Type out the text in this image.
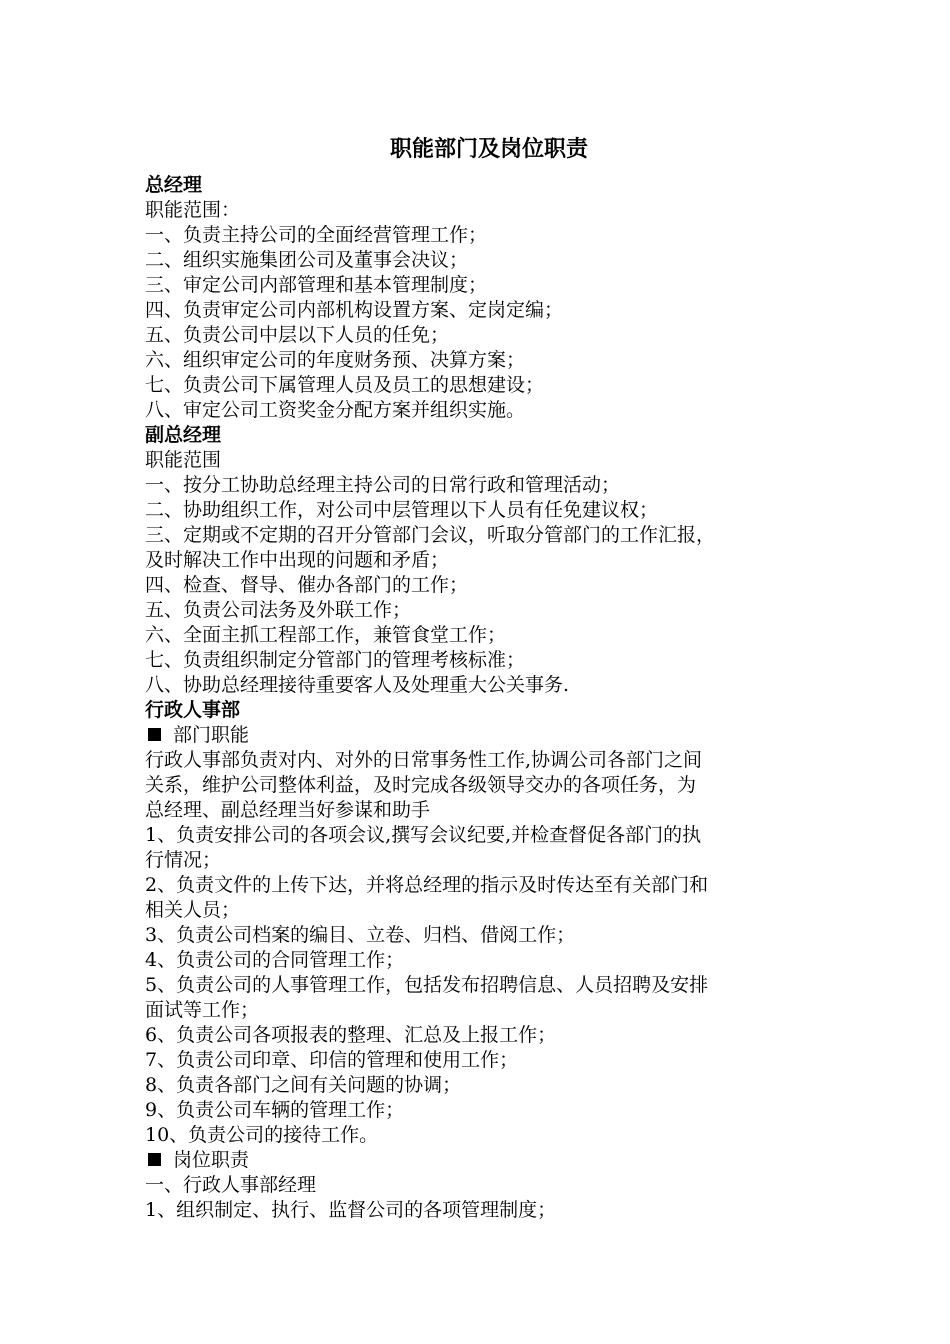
职能部门及岗位职责

总经理

职能范围：

一、负责主持公司的全面经营管理工作；

二、组织实施集团公司及董事会决议；

三、审定公司内部管理和基本管理制度；

四、负责审定公司内部机构设置方案、定岗定编；

五、负责公司中层以下人员的任免；

六、组织审定公司的年度财务预、决算方案；

七、负责公司下属管理人员及员工的思想建设；

八、审定公司工资奖金分配方案并组织实施。

副总经理

职能范围

一、按分工协助总经理主持公司的日常行政和管理活动；

二、协助组织工作，对公司中层管理以下人员有任免建议权；

三、定期或不定期的召开分管部门会议，听取分管部门的工作汇报，

及时解决工作中出现的问题和矛盾；

四、检查、督导、催办各部门的工作；

五、负责公司法务及外联工作；

六、全面主抓工程部工作，兼管食堂工作；

七、负责组织制定分管部门的管理考核标准；

八、协助总经理接待重要客人及处理重大公关事务.

行政人事部

部门职能

行政人事部负责对内、对外的日常事务性工作,协调公司各部门之间

关系，维护公司整体利益，及时完成各级领导交办的各项任务，为

总经理、副总经理当好参谋和助手

1、负责安排公司的各项会议,撰写会议纪要,并检查督促各部门的执

行情况；

2、负责文件的上传下达，并将总经理的指示及时传达至有关部门和

相关人员；

3、负责公司档案的编目、立卷、归档、借阅工作；

4、负责公司的合同管理工作；

5、负责公司的人事管理工作，包括发布招聘信息、人员招聘及安排

面试等工作；

6、负责公司各项报表的整理、汇总及上报工作；

7、负责公司印章、印信的管理和使用工作；

8、负责各部门之间有关问题的协调；

9、负责公司车辆的管理工作；

10、负责公司的接待工作。

岗位职责

一、行政人事部经理

1、组织制定、执行、监督公司的各项管理制度；
